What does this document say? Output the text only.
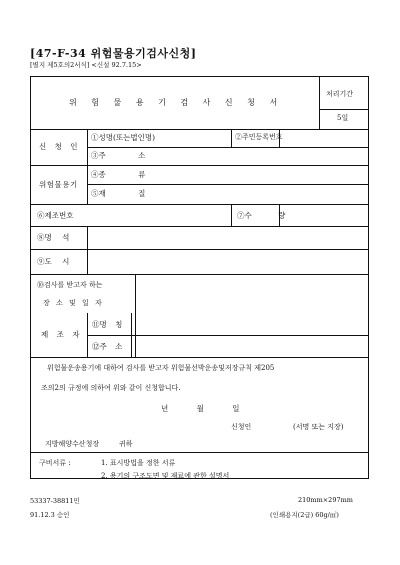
[47-F-34 위험물용기검사신청]
[별지 제5호의2서식] <신설 92.7.15>
위 험 물 용 기 검 사 신 청 서
처리기간
5일
신 청 인
①성명(또는법인명)	②주민등록번호
③주 소
위험물용기
④종 류
⑤재 질
⑥제조번호	⑦수 량
⑧명 석
⑨도 시
⑩검사를 받고자 하는
장 소 및 일 자
제 조 자
⑪명 칭
⑫주 소
위험물운송용기에 대하여 검사를 받고자 위험물선박운송및저장규칙 제205
조의2의 규정에 의하여 위와 같이 신청합니다.
년 월 일
신청인	(서명 또는 지장)
지방해양수산청장	귀하
구비서류 :	1. 표시방법을 정한 서류
2. 용기의 구조도면 및 재료에 관한 설명서
53337-38811민
91.12.3 승인
210mm×297mm
(인쇄용지(2급) 60g/㎡)
